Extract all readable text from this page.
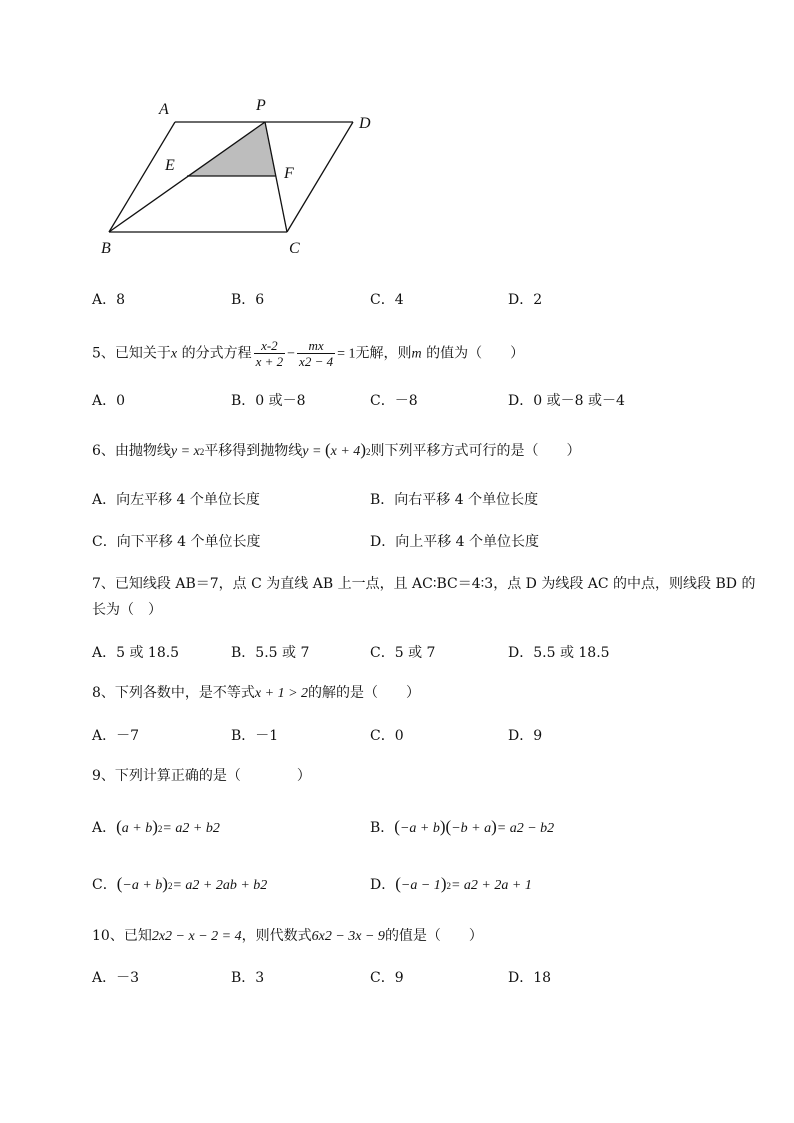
A	P
D
E	F
B	C
A．8	B．6	C．4	D．2
5、已知关于x 的分式方程 $\frac{x-2}{x + 2} - \frac{mx}{x2 - 4} = 1$无解，则m 的值为（　　）
A．0	B．0 或－8	C．－8	D．0 或－8 或－4
6、由抛物线$y = x^2$平移得到抛物线$y = (x + 4)^2$则下列平移方式可行的是（　　）
A．向左平移 4 个单位长度	B．向右平移 4 个单位长度
C．向下平移 4 个单位长度	D．向上平移 4 个单位长度
7、已知线段 AB＝7，点 C 为直线 AB 上一点，且 AC∶BC＝4∶3，点 D 为线段 AC 的中点，则线段 BD 的
长为（　）
A．5 或 18.5	B．5.5 或 7	C．5 或 7	D．5.5 或 18.5
8、下列各数中，是不等式x + 1 > 2的解的是（　　）
A．－7	B．－1	C．0	D．9
9、下列计算正确的是（　　　　）
A．$(a + b)^2= a2 + b2$	B．(−a + b)(−b + a)= a2 − b2
C．$(-a + b)^2= a2 + 2ab + b2$	D．$(-a - 1)^2= a2 + 2a + 1$
10、已知2x2 − x − 2 = 4，则代数式6x2 − 3x − 9的值是（　　）
A．－3	B．3	C．9	D．18
